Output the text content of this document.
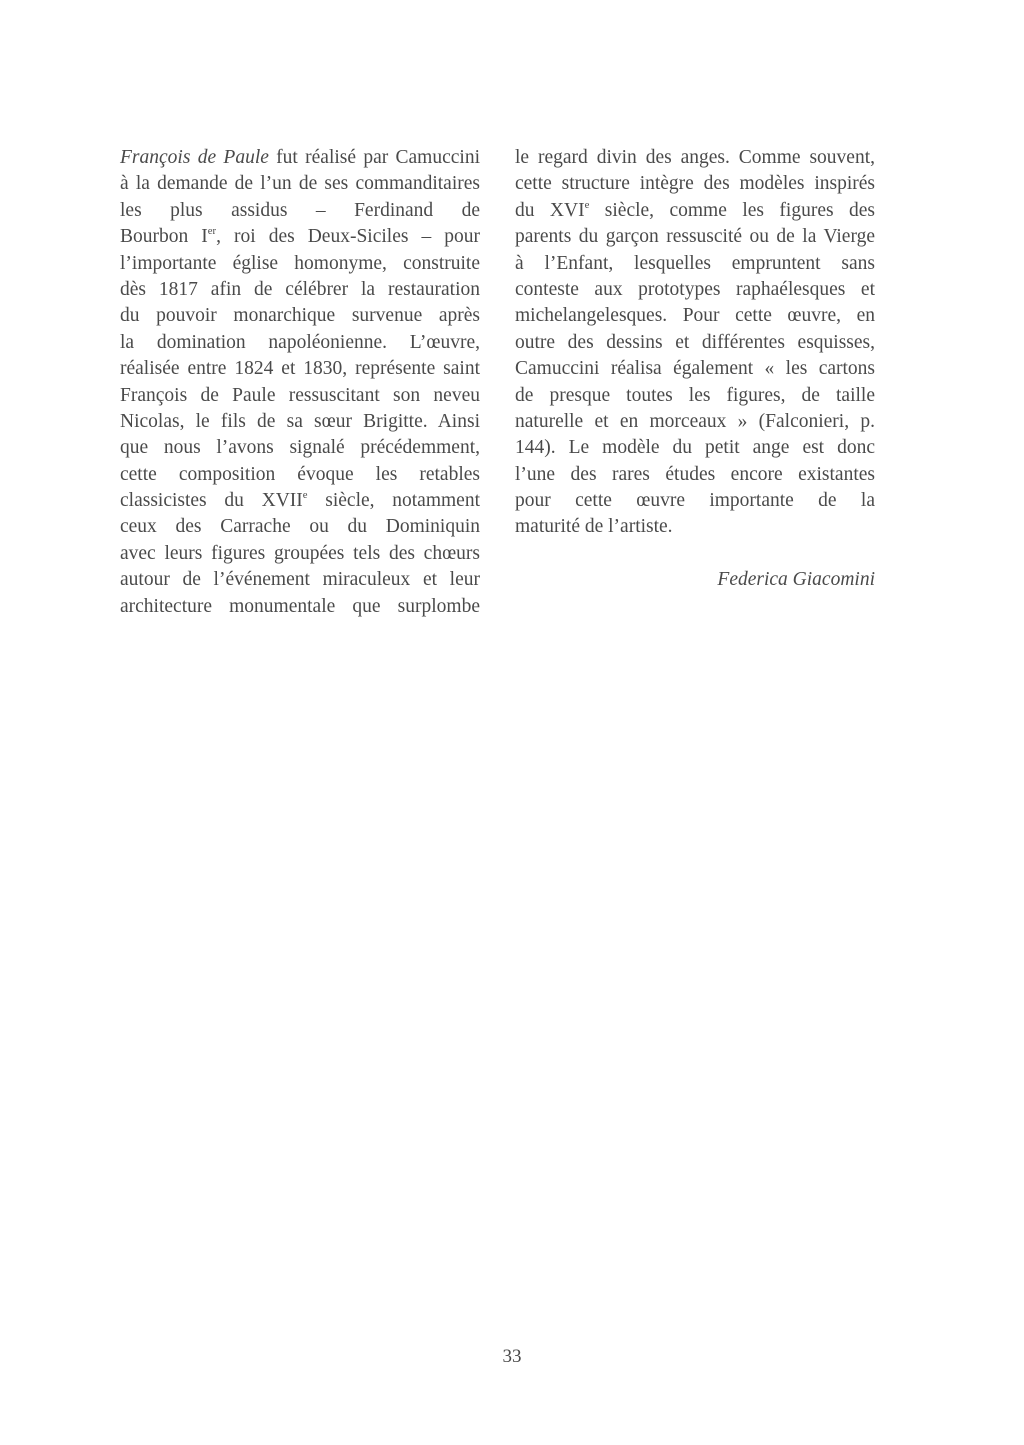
François de Paule fut réalisé par Camuccini
à la demande de l’un de ses commanditaires
les plus assidus – Ferdinand de
Bourbon Ier, roi des Deux-Siciles – pour
l’importante église homonyme, construite
dès 1817 afin de célébrer la restauration
du pouvoir monarchique survenue après
la domination napoléonienne. L’œuvre,
réalisée entre 1824 et 1830, représente saint
François de Paule ressuscitant son neveu
Nicolas, le fils de sa sœur Brigitte. Ainsi
que nous l’avons signalé précédemment,
cette composition évoque les retables
classicistes du XVIIe siècle, notamment
ceux des Carrache ou du Dominiquin
avec leurs figures groupées tels des chœurs
autour de l’événement miraculeux et leur
architecture monumentale que surplombe
le regard divin des anges. Comme souvent,
cette structure intègre des modèles inspirés
du XVIe siècle, comme les figures des
parents du garçon ressuscité ou de la Vierge
à l’Enfant, lesquelles empruntent sans
conteste aux prototypes raphaélesques et
michelangelesques. Pour cette œuvre, en
outre des dessins et différentes esquisses,
Camuccini réalisa également « les cartons
de presque toutes les figures, de taille
naturelle et en morceaux » (Falconieri, p.
144). Le modèle du petit ange est donc
l’une des rares études encore existantes
pour cette œuvre importante de la
maturité de l’artiste.
Federica Giacomini
33
